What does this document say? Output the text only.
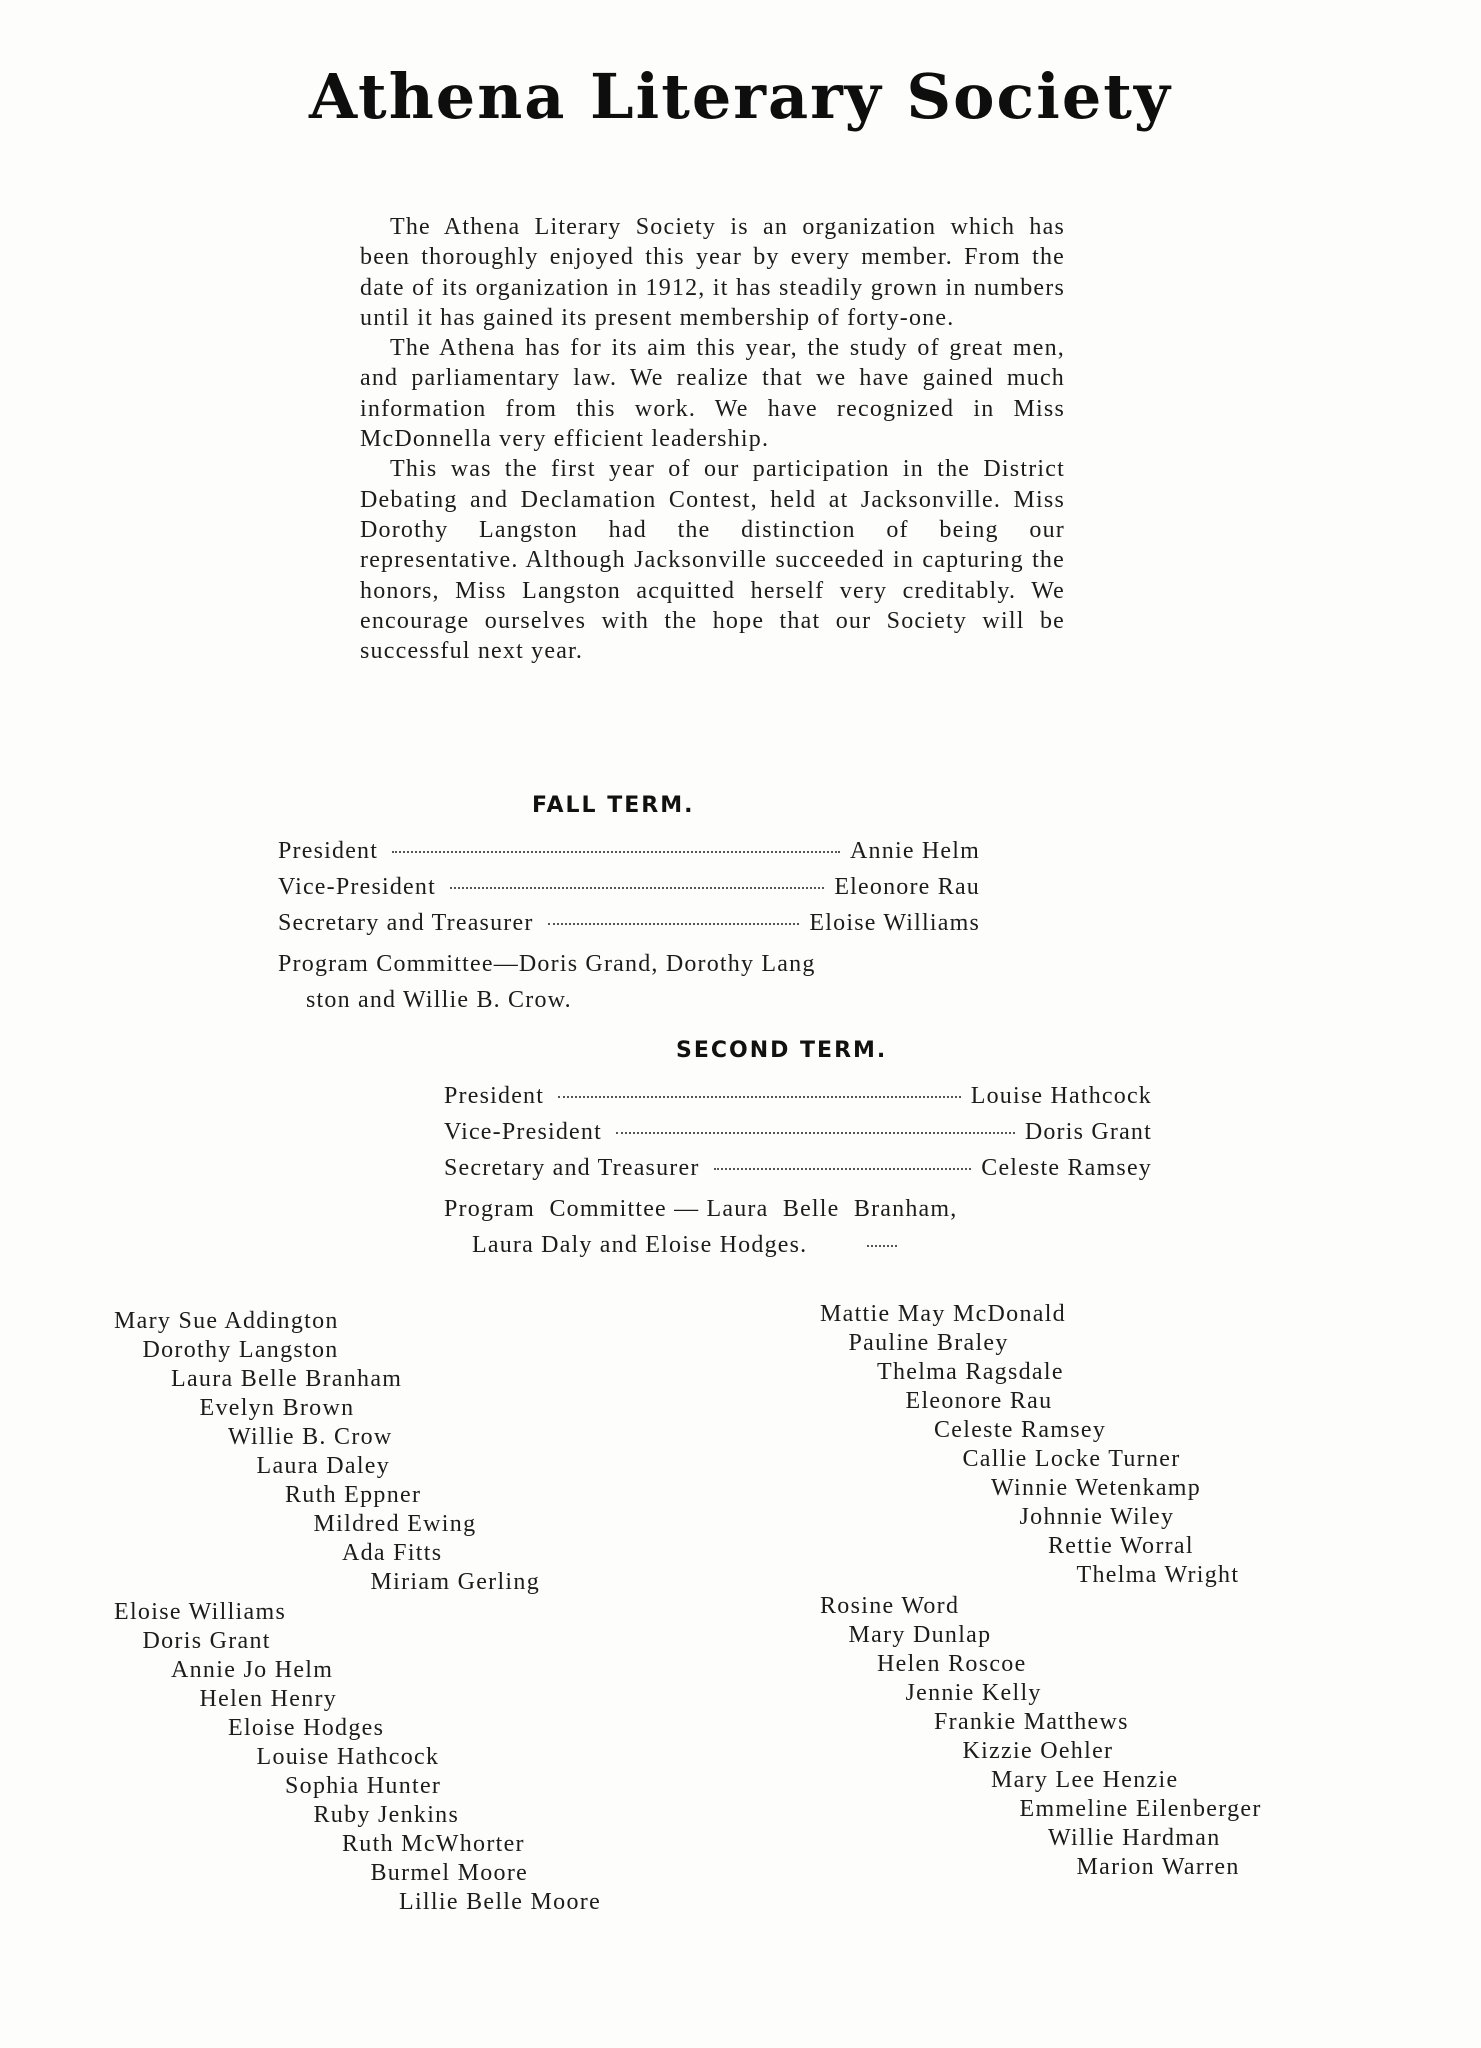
Athena Literary Society

The Athena Literary Society is an organization which has been thoroughly enjoyed this year by every member. From the date of its organization in 1912, it has steadily grown in numbers until it has gained its present membership of forty-one.

The Athena has for its aim this year, the study of great men, and parliamentary law. We realize that we have gained much information from this work. We have recognized in Miss McDonnella very efficient leadership.

This was the first year of our participation in the District Debating and Declamation Contest, held at Jacksonville. Miss Dorothy Langston had the distinction of being our representative. Although Jacksonville succeeded in capturing the honors, Miss Langston acquitted herself very creditably. We encourage ourselves with the hope that our Society will be successful next year.

FALL TERM.
President	Annie Helm
Vice-President	Eleonore Rau
Secretary and Treasurer	Eloise Williams
Program Committee—Doris Grand, Dorothy Lang
ston and Willie B. Crow.
SECOND TERM.
President	Louise Hathcock
Vice-President	Doris Grant
Secretary and Treasurer	Celeste Ramsey
Program  Committee — Laura  Belle  Branham,
Laura Daly and Eloise Hodges.
Mary Sue Addington
Dorothy Langston
Laura Belle Branham
Evelyn Brown
Willie B. Crow
Laura Daley
Ruth Eppner
Mildred Ewing
Ada Fitts
Miriam Gerling
Eloise Williams
Doris Grant
Annie Jo Helm
Helen Henry
Eloise Hodges
Louise Hathcock
Sophia Hunter
Ruby Jenkins
Ruth McWhorter
Burmel Moore
Lillie Belle Moore
Mattie May McDonald
Pauline Braley
Thelma Ragsdale
Eleonore Rau
Celeste Ramsey
Callie Locke Turner
Winnie Wetenkamp
Johnnie Wiley
Rettie Worral
Thelma Wright
Rosine Word
Mary Dunlap
Helen Roscoe
Jennie Kelly
Frankie Matthews
Kizzie Oehler
Mary Lee Henzie
Emmeline Eilenberger
Willie Hardman
Marion Warren
